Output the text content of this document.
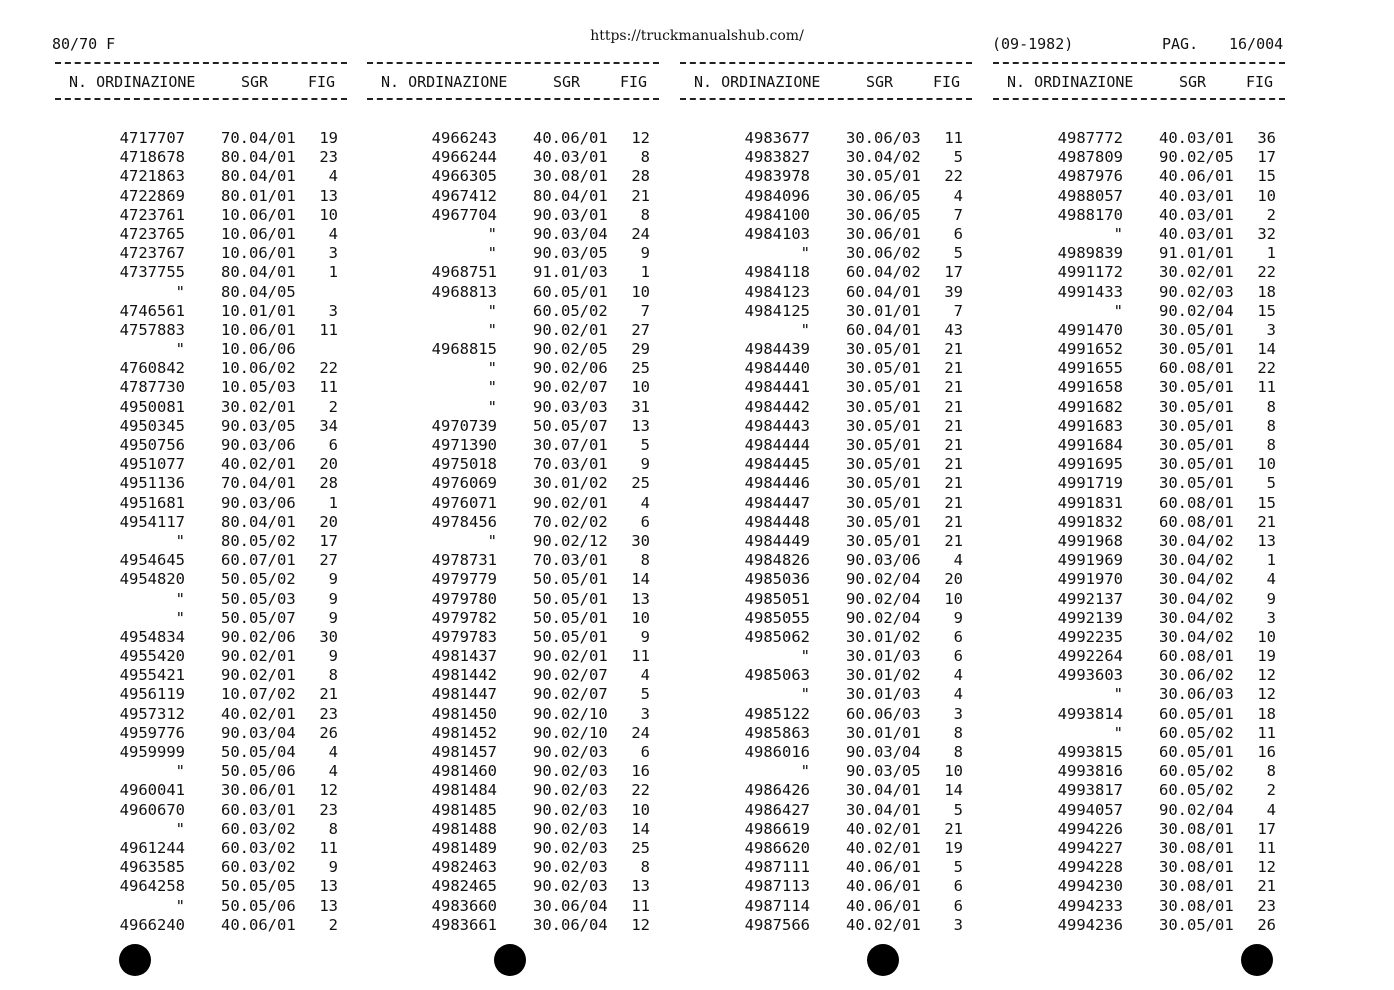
80/70 F	https://truckmanualshub.com/	(09-1982)	PAG. 16/004
N. ORDINAZIONE	SGR	FIG
4717707 70.04/01	19
4718678 80.04/01	23
4721863 80.04/01	4
4722869 80.01/01	13
4723761 10.06/01	10
4723765 10.06/01	4
4723767 10.06/01	3
4737755 80.04/01	1
" 80.04/05
4746561 10.01/01	3
4757883 10.06/01	11
" 10.06/06
4760842 10.06/02	22
4787730 10.05/03	11
4950081 30.02/01	2
4950345 90.03/05	34
4950756 90.03/06	6
4951077 40.02/01	20
4951136 70.04/01	28
4951681 90.03/06	1
4954117 80.04/01	20
" 80.05/02	17
4954645 60.07/01	27
4954820 50.05/02	9
" 50.05/03	9
" 50.05/07	9
4954834 90.02/06	30
4955420 90.02/01	9
4955421 90.02/01	8
4956119 10.07/02	21
4957312 40.02/01	23
4959776 90.03/04	26
4959999 50.05/04	4
" 50.05/06	4
4960041 30.06/01	12
4960670 60.03/01	23
" 60.03/02	8
4961244 60.03/02	11
4963585 60.03/02	9
4964258 50.05/05	13
" 50.05/06	13
4966240 40.06/01	2
N. ORDINAZIONE	SGR	FIG
4966243 40.06/01	12
4966244 40.03/01	8
4966305 30.08/01	28
4967412 80.04/01	21
4967704 90.03/01	8
" 90.03/04	24
" 90.03/05	9
4968751 91.01/03	1
4968813 60.05/01	10
" 60.05/02	7
" 90.02/01	27
4968815 90.02/05	29
" 90.02/06	25
" 90.02/07	10
" 90.03/03	31
4970739 50.05/07	13
4971390 30.07/01	5
4975018 70.03/01	9
4976069 30.01/02	25
4976071 90.02/01	4
4978456 70.02/02	6
" 90.02/12	30
4978731 70.03/01	8
4979779 50.05/01	14
4979780 50.05/01	13
4979782 50.05/01	10
4979783 50.05/01	9
4981437 90.02/01	11
4981442 90.02/07	4
4981447 90.02/07	5
4981450 90.02/10	3
4981452 90.02/10	24
4981457 90.02/03	6
4981460 90.02/03	16
4981484 90.02/03	22
4981485 90.02/03	10
4981488 90.02/03	14
4981489 90.02/03	25
4982463 90.02/03	8
4982465 90.02/03	13
4983660 30.06/04	11
4983661 30.06/04	12
N. ORDINAZIONE	SGR	FIG
4983677 30.06/03	11
4983827 30.04/02	5
4983978 30.05/01	22
4984096 30.06/05	4
4984100 30.06/05	7
4984103 30.06/01	6
" 30.06/02	5
4984118 60.04/02	17
4984123 60.04/01	39
4984125 30.01/01	7
" 60.04/01	43
4984439 30.05/01	21
4984440 30.05/01	21
4984441 30.05/01	21
4984442 30.05/01	21
4984443 30.05/01	21
4984444 30.05/01	21
4984445 30.05/01	21
4984446 30.05/01	21
4984447 30.05/01	21
4984448 30.05/01	21
4984449 30.05/01	21
4984826 90.03/06	4
4985036 90.02/04	20
4985051 90.02/04	10
4985055 90.02/04	9
4985062 30.01/02	6
" 30.01/03	6
4985063 30.01/02	4
" 30.01/03	4
4985122 60.06/03	3
4985863 30.01/01	8
4986016 90.03/04	8
" 90.03/05	10
4986426 30.04/01	14
4986427 30.04/01	5
4986619 40.02/01	21
4986620 40.02/01	19
4987111 40.06/01	5
4987113 40.06/01	6
4987114 40.06/01	6
4987566 40.02/01	3
N. ORDINAZIONE	SGR	FIG
4987772 40.03/01	36
4987809 90.02/05	17
4987976 40.06/01	15
4988057 40.03/01	10
4988170 40.03/01	2
" 40.03/01	32
4989839 91.01/01	1
4991172 30.02/01	22
4991433 90.02/03	18
" 90.02/04	15
4991470 30.05/01	3
4991652 30.05/01	14
4991655 60.08/01	22
4991658 30.05/01	11
4991682 30.05/01	8
4991683 30.05/01	8
4991684 30.05/01	8
4991695 30.05/01	10
4991719 30.05/01	5
4991831 60.08/01	15
4991832 60.08/01	21
4991968 30.04/02	13
4991969 30.04/02	1
4991970 30.04/02	4
4992137 30.04/02	9
4992139 30.04/02	3
4992235 30.04/02	10
4992264 60.08/01	19
4993603 30.06/02	12
" 30.06/03	12
4993814 60.05/01	18
" 60.05/02	11
4993815 60.05/01	16
4993816 60.05/02	8
4993817 60.05/02	2
4994057 90.02/04	4
4994226 30.08/01	17
4994227 30.08/01	11
4994228 30.08/01	12
4994230 30.08/01	21
4994233 30.08/01	23
4994236 30.05/01	26
